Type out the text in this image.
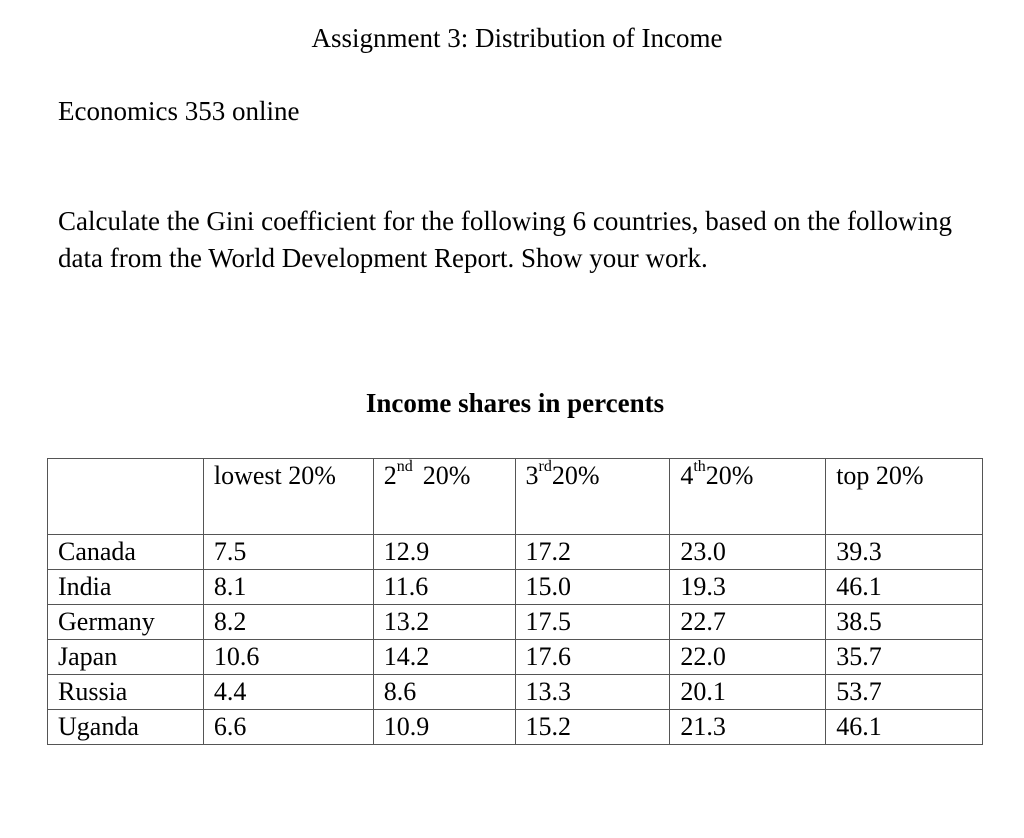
Assignment 3: Distribution of Income
Economics 353 online
Calculate the Gini coefficient for the following 6 countries, based on the following data from the World Development Report. Show your work.
Income shares in percents
	lowest 20%	2nd 20%	3rd20%	4th20%	top 20%
Canada	7.5	12.9	17.2	23.0	39.3
India	8.1	11.6	15.0	19.3	46.1
Germany	8.2	13.2	17.5	22.7	38.5
Japan	10.6	14.2	17.6	22.0	35.7
Russia	4.4	8.6	13.3	20.1	53.7
Uganda	6.6	10.9	15.2	21.3	46.1
